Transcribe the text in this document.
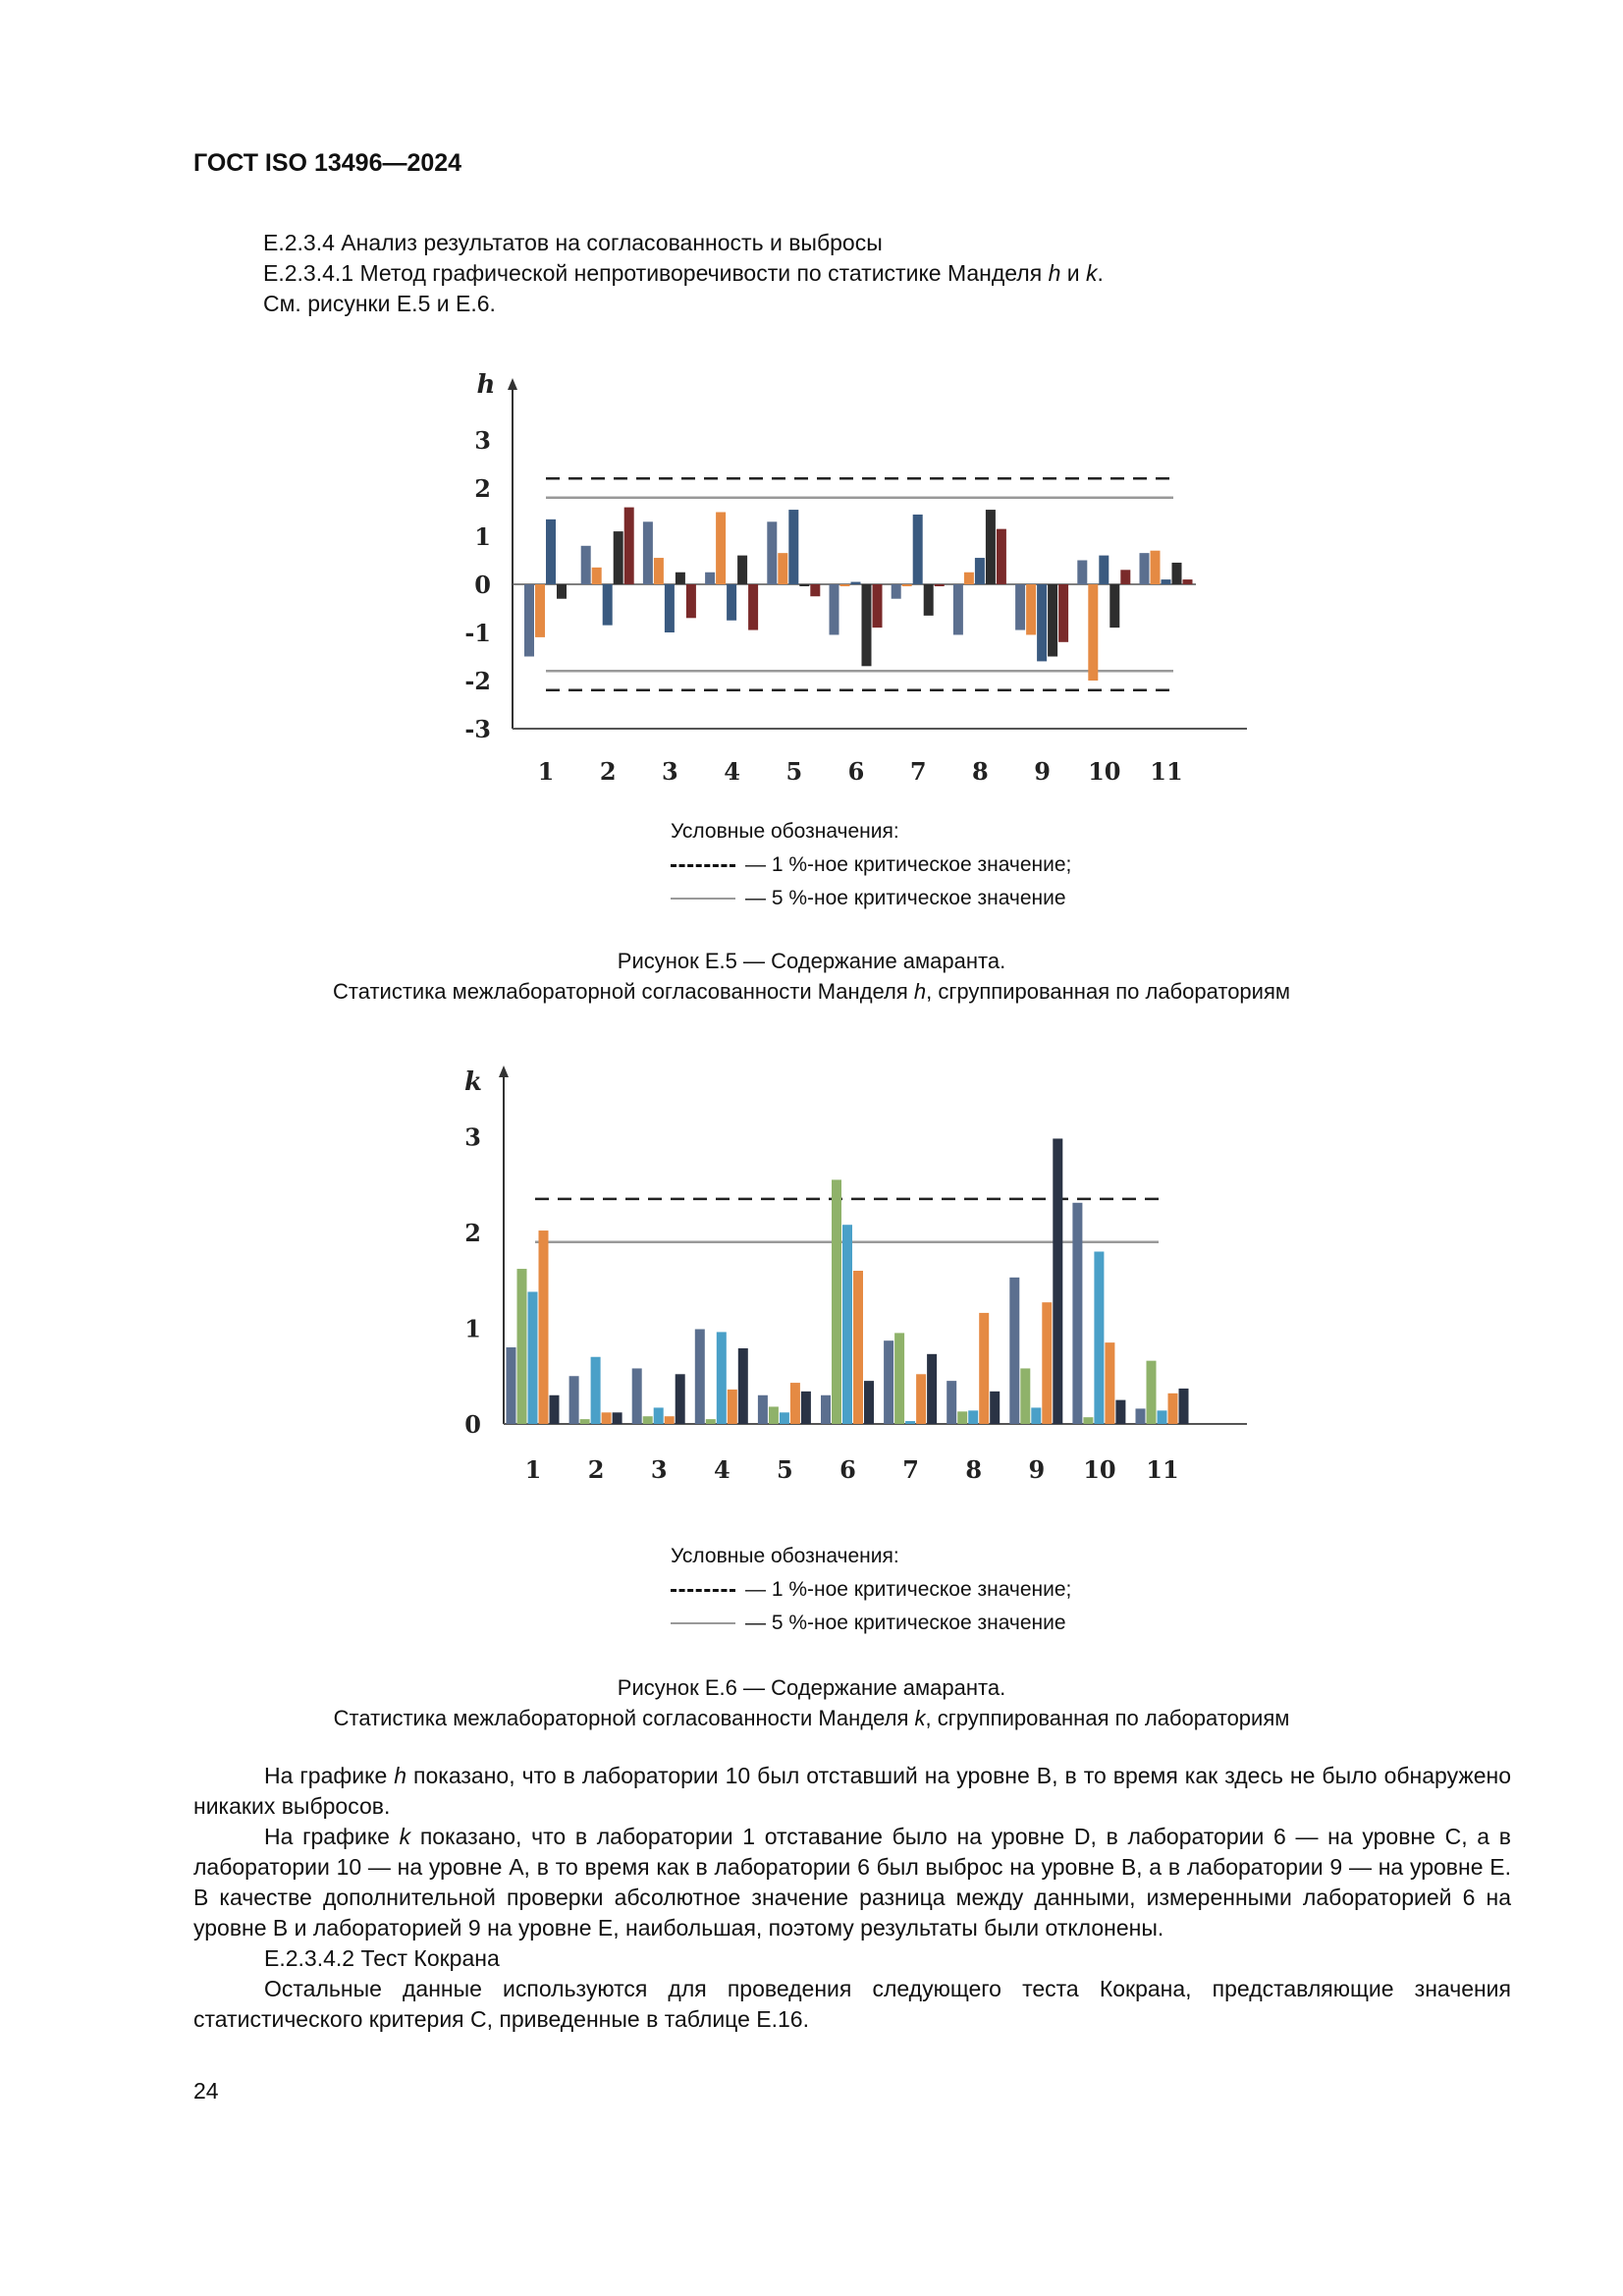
ГОСТ ISO 13496—2024
Е.2.3.4 Анализ результатов на согласованность и выбросы
Е.2.3.4.1 Метод графической непротиворечивости по статистике Манделя h и k.
См. рисунки Е.5 и Е.6.
h
3
2
1
0
-1
-2
-3
1 2 3 4 5 6 7 8 9 10 11
Условные обозначения:
— 1 %-ное критическое значение;
— 5 %-ное критическое значение
Рисунок Е.5 — Содержание амаранта.
Статистика межлабораторной согласованности Манделя h, сгруппированная по лабораториям
k
3
2
1
0
1 2 3 4 5 6 7 8 9 10 11
Условные обозначения:
— 1 %-ное критическое значение;
— 5 %-ное критическое значение
Рисунок Е.6 — Содержание амаранта.
Статистика межлабораторной согласованности Манделя k, сгруппированная по лабораториям

На графике h показано, что в лаборатории 10 был отставший на уровне B, в то время как здесь не было обнаружено никаких выбросов.

На графике k показано, что в лаборатории 1 отставание было на уровне D, в лаборатории 6 — на уровне C, а в лаборатории 10 — на уровне A, в то время как в лаборатории 6 был выброс на уровне B, а в лаборатории 9 — на уровне E. В качестве дополнительной проверки абсолютное значение разница между данными, измеренными лабораторией 6 на уровне B и лабораторией 9 на уровне E, наибольшая, поэтому результаты были отклонены.

Е.2.3.4.2 Тест Кокрана

Остальные данные используются для проведения следующего теста Кокрана, представляющие значения статистического критерия С, приведенные в таблице Е.16.

24
